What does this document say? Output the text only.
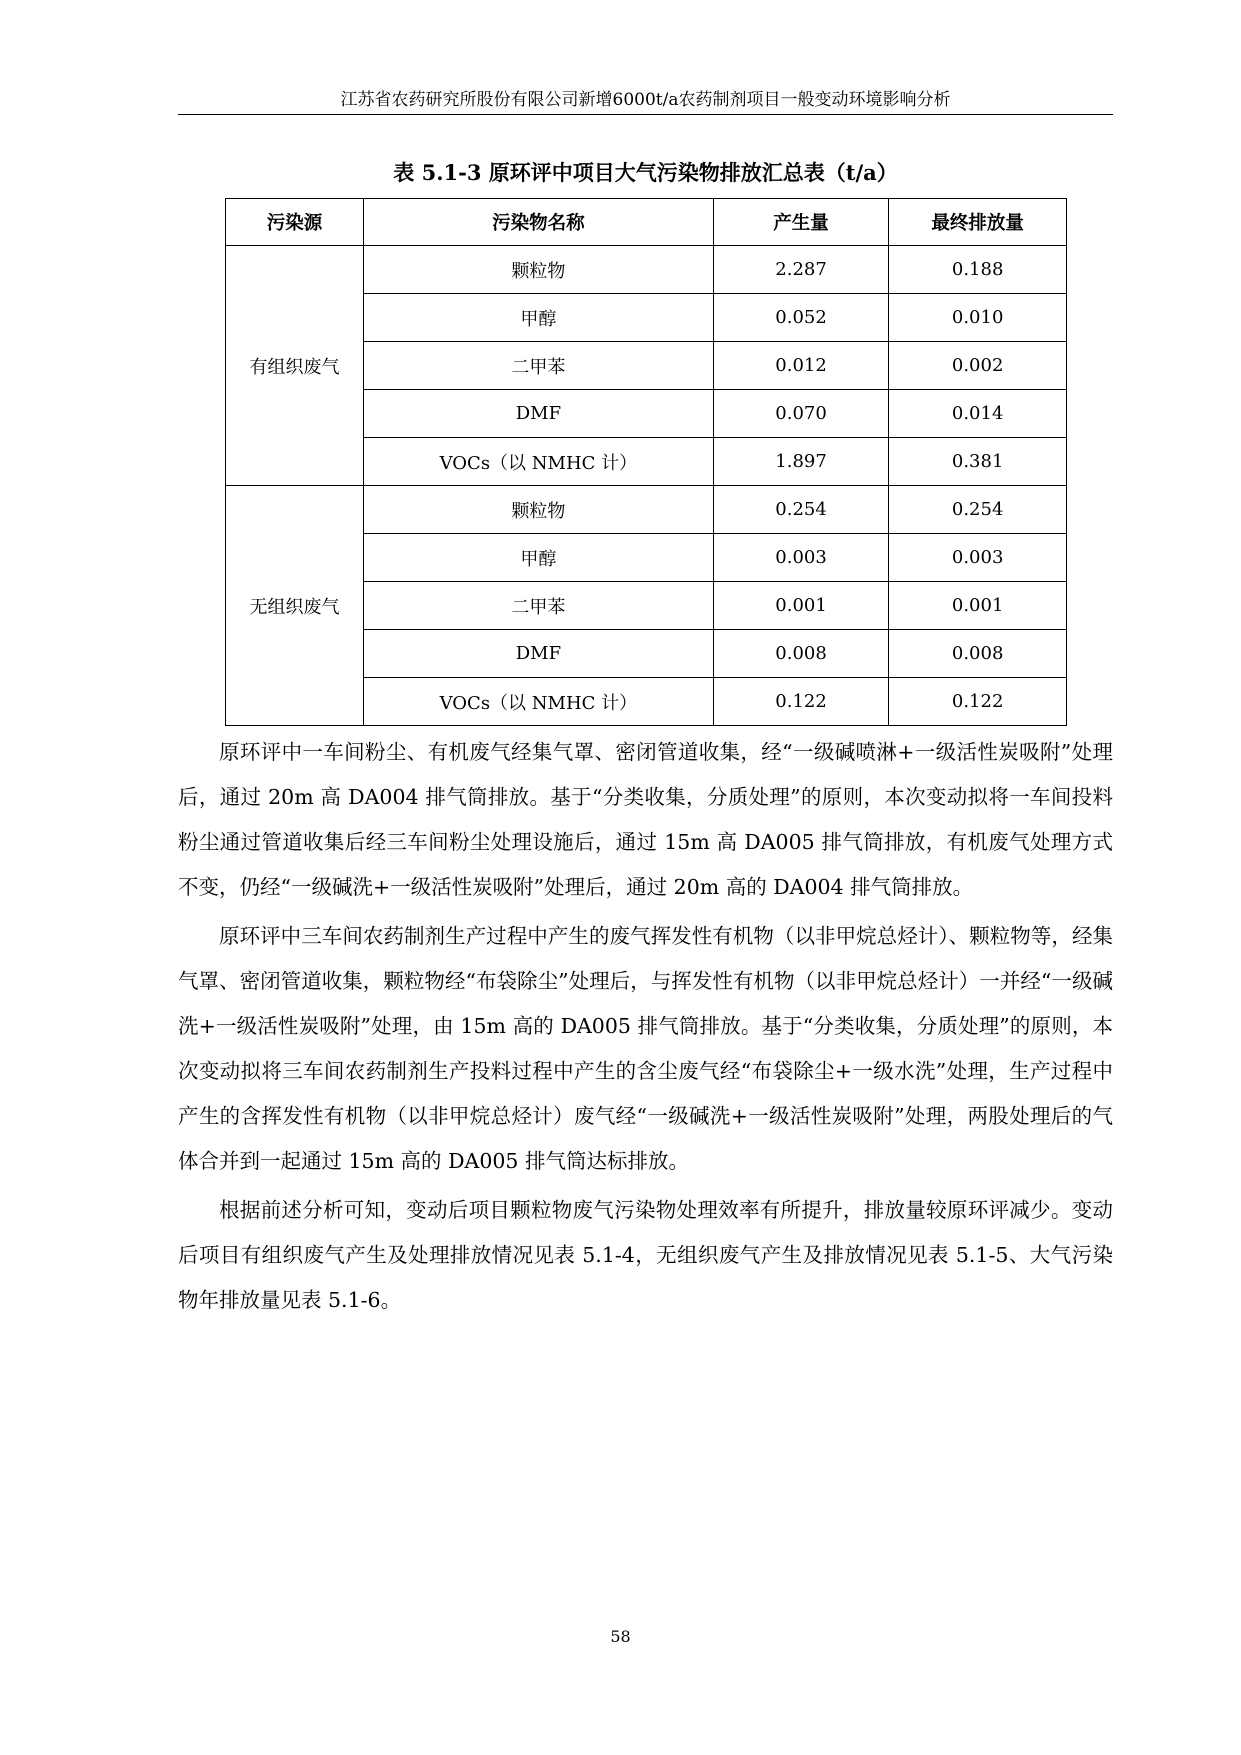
江苏省农药研究所股份有限公司新增6000t/a农药制剂项目一般变动环境影响分析
表 5.1-3 原环评中项目大气污染物排放汇总表（t/a）
污染源	污染物名称	产生量	最终排放量
有组织废气	颗粒物	2.287	0.188
	甲醇	0.052	0.010
	二甲苯	0.012	0.002
	DMF	0.070	0.014
	VOCs（以 NMHC 计）	1.897	0.381
无组织废气	颗粒物	0.254	0.254
	甲醇	0.003	0.003
	二甲苯	0.001	0.001
	DMF	0.008	0.008
	VOCs（以 NMHC 计）	0.122	0.122

原环评中一车间粉尘、有机废气经集气罩、密闭管道收集，经“一级碱喷淋+一级活性炭吸附”处理后，通过 20m 高 DA004 排气筒排放。基于“分类收集，分质处理”的原则，本次变动拟将一车间投料粉尘通过管道收集后经三车间粉尘处理设施后，通过 15m 高 DA005 排气筒排放，有机废气处理方式不变，仍经“一级碱洗+一级活性炭吸附”处理后，通过 20m 高的 DA004 排气筒排放。

原环评中三车间农药制剂生产过程中产生的废气挥发性有机物（以非甲烷总烃计）、颗粒物等，经集气罩、密闭管道收集，颗粒物经“布袋除尘”处理后，与挥发性有机物（以非甲烷总烃计）一并经“一级碱洗+一级活性炭吸附”处理，由 15m 高的 DA005 排气筒排放。基于“分类收集，分质处理”的原则，本次变动拟将三车间农药制剂生产投料过程中产生的含尘废气经“布袋除尘+一级水洗”处理，生产过程中产生的含挥发性有机物（以非甲烷总烃计）废气经“一级碱洗+一级活性炭吸附”处理，两股处理后的气体合并到一起通过 15m 高的 DA005 排气筒达标排放。

根据前述分析可知，变动后项目颗粒物废气污染物处理效率有所提升，排放量较原环评减少。变动后项目有组织废气产生及处理排放情况见表 5.1-4，无组织废气产生及排放情况见表 5.1-5、大气污染物年排放量见表 5.1-6。

58
